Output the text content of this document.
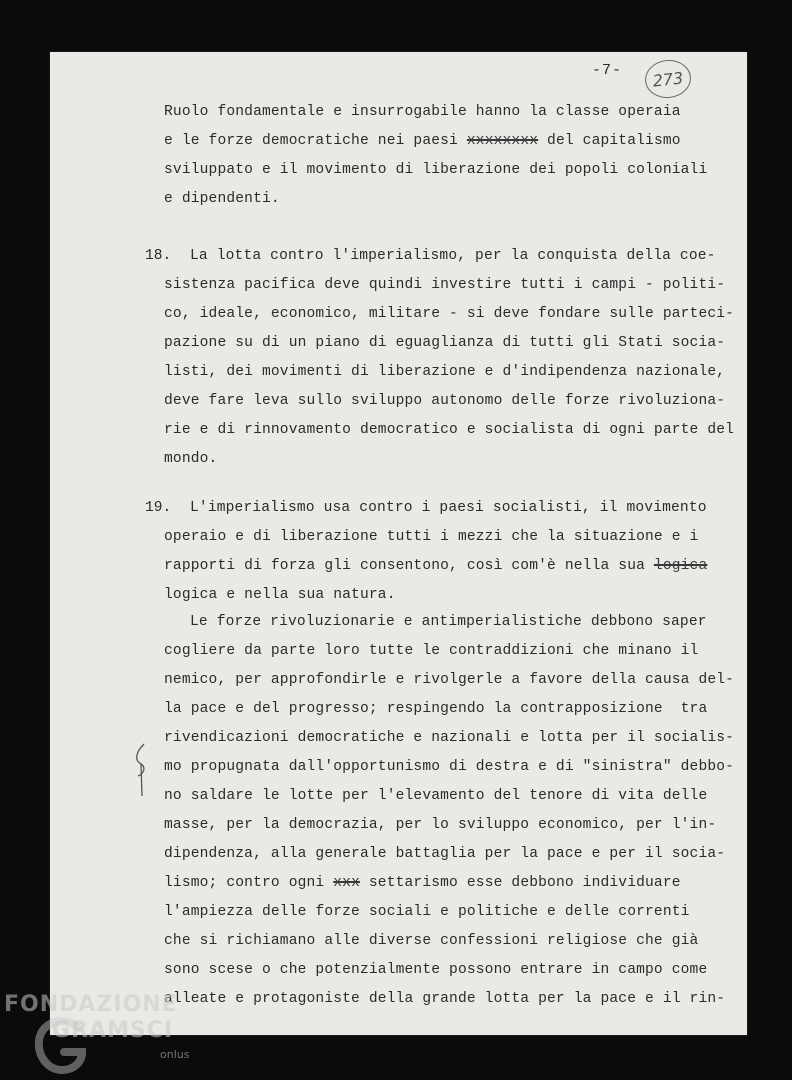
-7-	273
Ruolo fondamentale e insurrogabile hanno la classe operaia
e le forze democratiche nei paesi xxxxxxxx del capitalismo
sviluppato e il movimento di liberazione dei popoli coloniali
e dipendenti.
18. La lotta contro l'imperialismo, per la conquista della coe-
sistenza pacifica deve quindi investire tutti i campi - politi-
co, ideale, economico, militare - si deve fondare sulle parteci-
pazione su di un piano di eguaglianza di tutti gli Stati socia-
listi, dei movimenti di liberazione e d'indipendenza nazionale,
deve fare leva sullo sviluppo autonomo delle forze rivoluziona-
rie e di rinnovamento democratico e socialista di ogni parte del
mondo.
19. L'imperialismo usa contro i paesi socialisti, il movimento
operaio e di liberazione tutti i mezzi che la situazione e i
rapporti di forza gli consentono, così com'è nella sua logica
logica e nella sua natura.
Le forze rivoluzionarie e antimperialistiche debbono saper
cogliere da parte loro tutte le contraddizioni che minano il
nemico, per approfondirle e rivolgerle a favore della causa del-
la pace e del progresso; respingendo la contrapposizione  tra
rivendicazioni democratiche e nazionali e lotta per il socialis-
mo propugnata dall'opportunismo di destra e di "sinistra" debbo-
no saldare le lotte per l'elevamento del tenore di vita delle
masse, per la democrazia, per lo sviluppo economico, per l'in-
dipendenza, alla generale battaglia per la pace e per il socia-
lismo; contro ogni xxx settarismo esse debbono individuare
l'ampiezza delle forze sociali e politiche e delle correnti
che si richiamano alle diverse confessioni religiose che già
sono scese o che potenzialmente possono entrare in campo come
alleate e protagoniste della grande lotta per la pace e il rin-
FONDAZIONE
GRAMSCI
onlus
